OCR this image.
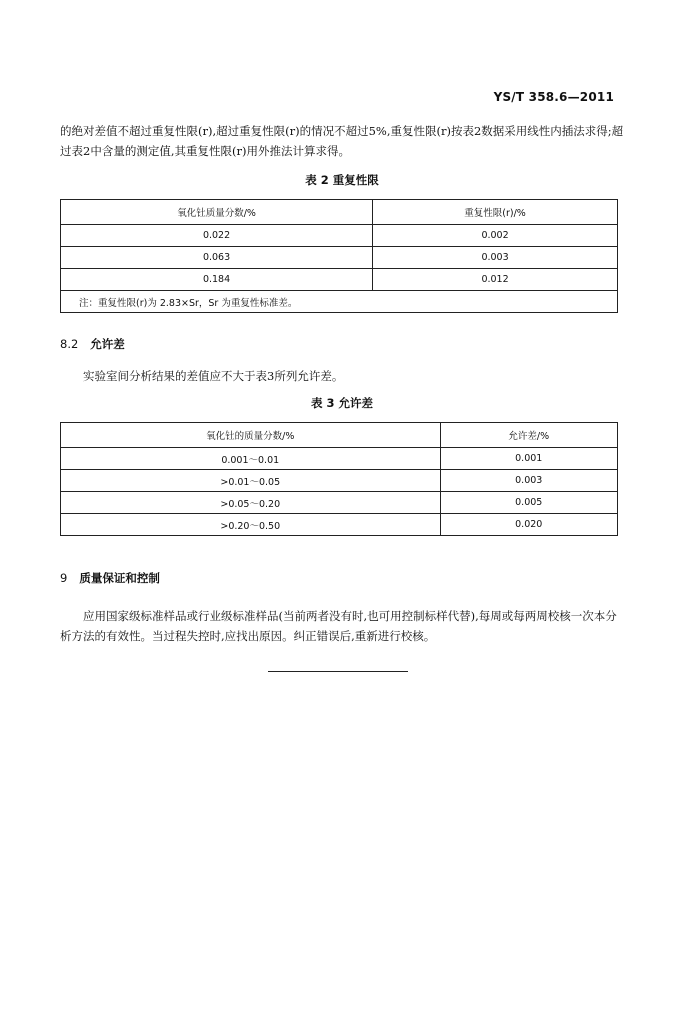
YS/T 358.6—2011
的绝对差值不超过重复性限(r),超过重复性限(r)的情况不超过5%,重复性限(r)按表2数据采用线性内插法求得;超过表2中含量的测定值,其重复性限(r)用外推法计算求得。
表 2 重复性限
氧化钍质量分数/%	重复性限(r)/%
0.022	0.002
0.063	0.003
0.184	0.012
注：重复性限(r)为 2.83×Sr，Sr 为重复性标准差。	
8.2 允许差
实验室间分析结果的差值应不大于表3所列允许差。
表 3 允许差
氧化钍的质量分数/%	允许差/%
0.001～0.01	0.001
>0.01～0.05	0.003
>0.05～0.20	0.005
>0.20～0.50	0.020
9 质量保证和控制
应用国家级标准样品或行业级标准样品(当前两者没有时,也可用控制标样代替),每周或每两周校核一次本分析方法的有效性。当过程失控时,应找出原因。纠正错误后,重新进行校核。
